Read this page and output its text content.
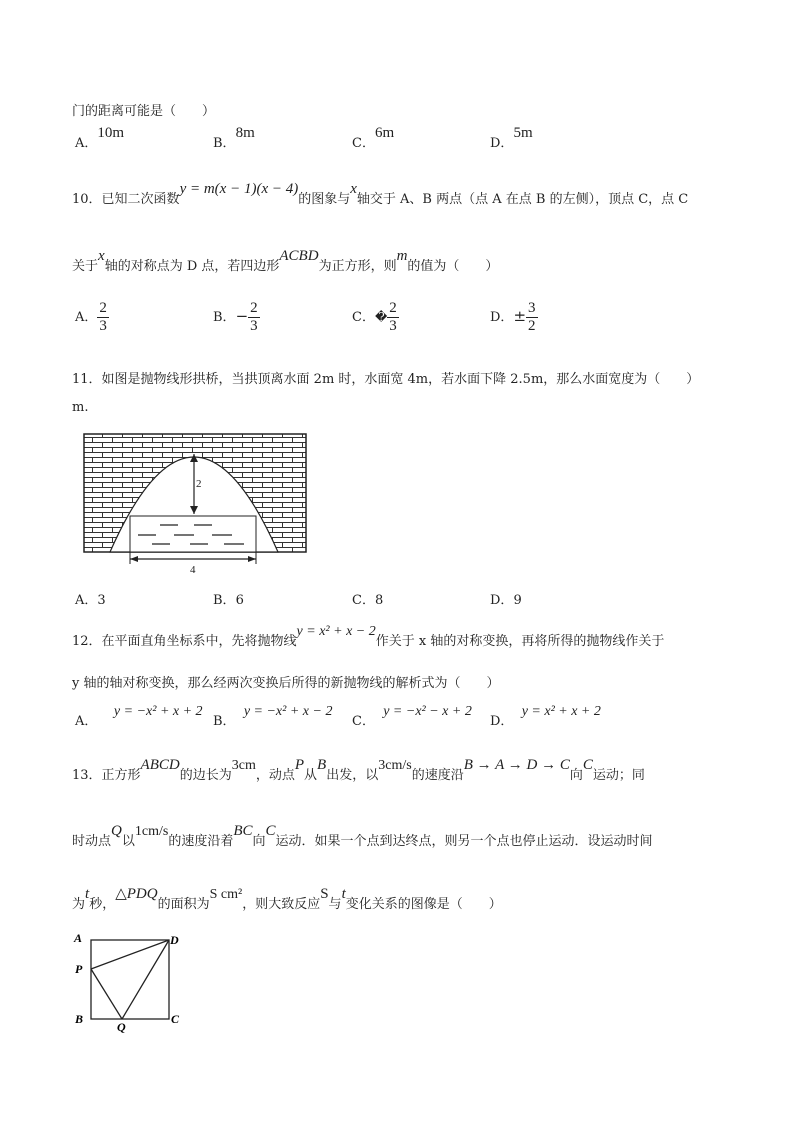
门的距离可能是（　　）
A．10m
B．8m
C．6m
D．5m
10．已知二次函数y = m(x − 1)(x − 4)的图象与x轴交于 A、B 两点（点 A 在点 B 的左侧），顶点 C，点 C
关于x轴的对称点为 D 点，若四边形ACBD为正方形，则m的值为（　　）
A． $\frac{2}{3}$	B．− $\frac{2}{3}$	C．� $\frac{2}{3}$	D．± $\frac{3}{2}$
11．如图是抛物线形拱桥，当拱顶离水面 2m 时，水面宽 4m，若水面下降 2.5m，那么水面宽度为（　　）
m.
2
4
A．3	B．6	C．8	D．9
12．在平面直角坐标系中，先将抛物线y = x² + x − 2作关于 x 轴的对称变换，再将所得的抛物线作关于
y 轴的轴对称变换，那么经两次变换后所得的新抛物线的解析式为（　　）
A．    y = −x² + x + 2
B．  y = −x² + x − 2
C．  y = −x² − x + 2
D．  y = x² + x + 2
13．正方形ABCD的边长为3cm，动点P从B出发，以3cm/s的速度沿B → A → D → C向C运动；同
时动点Q以1cm/s的速度沿着BC向C运动．如果一个点到达终点，则另一个点也停止运动．设运动时间
为t秒，△PDQ的面积为S cm²，则大致反应S与t变化关系的图像是（　　）
A	D
P
B
Q
C
